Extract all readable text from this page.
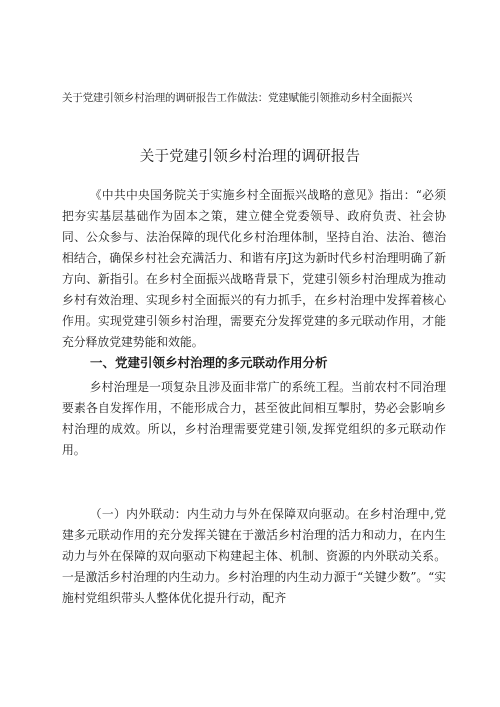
关于党建引领乡村治理的调研报告工作做法：党建赋能引领推动乡村全面振兴
关于党建引领乡村治理的调研报告

《中共中央国务院关于实施乡村全面振兴战略的意见》指出：“必须把夯实基层基础作为固本之策，建立健全党委领导、政府负责、社会协同、公众参与、法治保障的现代化乡村治理体制，坚持自治、法治、德治相结合，确保乡村社会充满活力、和谐有序J这为新时代乡村治理明确了新方向、新指引。在乡村全面振兴战略背景下，党建引领乡村治理成为推动乡村有效治理、实现乡村全面振兴的有力抓手，在乡村治理中发挥着核心作用。实现党建引领乡村治理，需要充分发挥党建的多元联动作用，才能充分释放党建势能和效能。

一、党建引领乡村治理的多元联动作用分析

乡村治理是一项复杂且涉及面非常广的系统工程。当前农村不同治理要素各自发挥作用，不能形成合力，甚至彼此间相互掣肘，势必会影响乡村治理的成效。所以，乡村治理需要党建引领,发挥党组织的多元联动作用。

（一）内外联动：内生动力与外在保障双向驱动。在乡村治理中,党建多元联动作用的充分发挥关键在于激活乡村治理的活力和动力，在内生动力与外在保障的双向驱动下构建起主体、机制、资源的内外联动关系。一是激活乡村治理的内生动力。乡村治理的内生动力源于“关键少数”。“实施村党组织带头人整体优化提升行动，配齐
